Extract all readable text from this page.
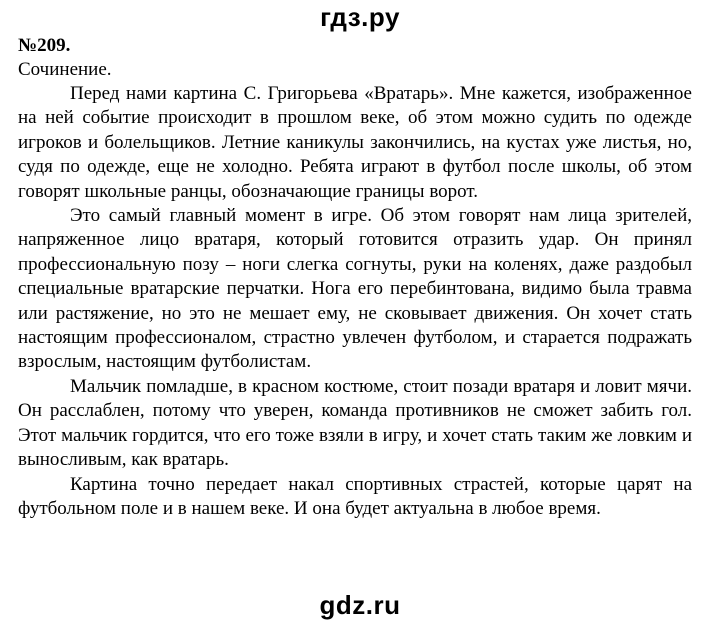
гдз.ру

№209.

Сочинение.

Перед нами картина С. Григорьева «Вратарь». Мне кажется, изображенное на ней событие происходит в прошлом веке, об этом можно судить по одежде игроков и болельщиков. Летние каникулы закончились, на кустах уже листья, но, судя по одежде, еще не холодно. Ребята играют в футбол после школы, об этом говорят школьные ранцы, обозначающие границы ворот.

Это самый главный момент в игре. Об этом говорят нам лица зрителей, напряженное лицо вратаря, который готовится отразить удар. Он принял профессиональную позу – ноги слегка согнуты, руки на коленях, даже раздобыл специальные вратарские перчатки. Нога его перебинтована, видимо была травма или растяжение, но это не мешает ему, не сковывает движения. Он хочет стать настоящим профессионалом, страстно увлечен футболом, и старается подражать взрослым, настоящим футболистам.

Мальчик помладше, в красном костюме, стоит позади вратаря и ловит мячи. Он расслаблен, потому что уверен, команда противников не сможет забить гол. Этот мальчик гордится, что его тоже взяли в игру, и хочет стать таким же ловким и выносливым, как вратарь.

Картина точно передает накал спортивных страстей, которые царят на футбольном поле и в нашем веке. И она будет актуальна в любое время.

gdz.ru
